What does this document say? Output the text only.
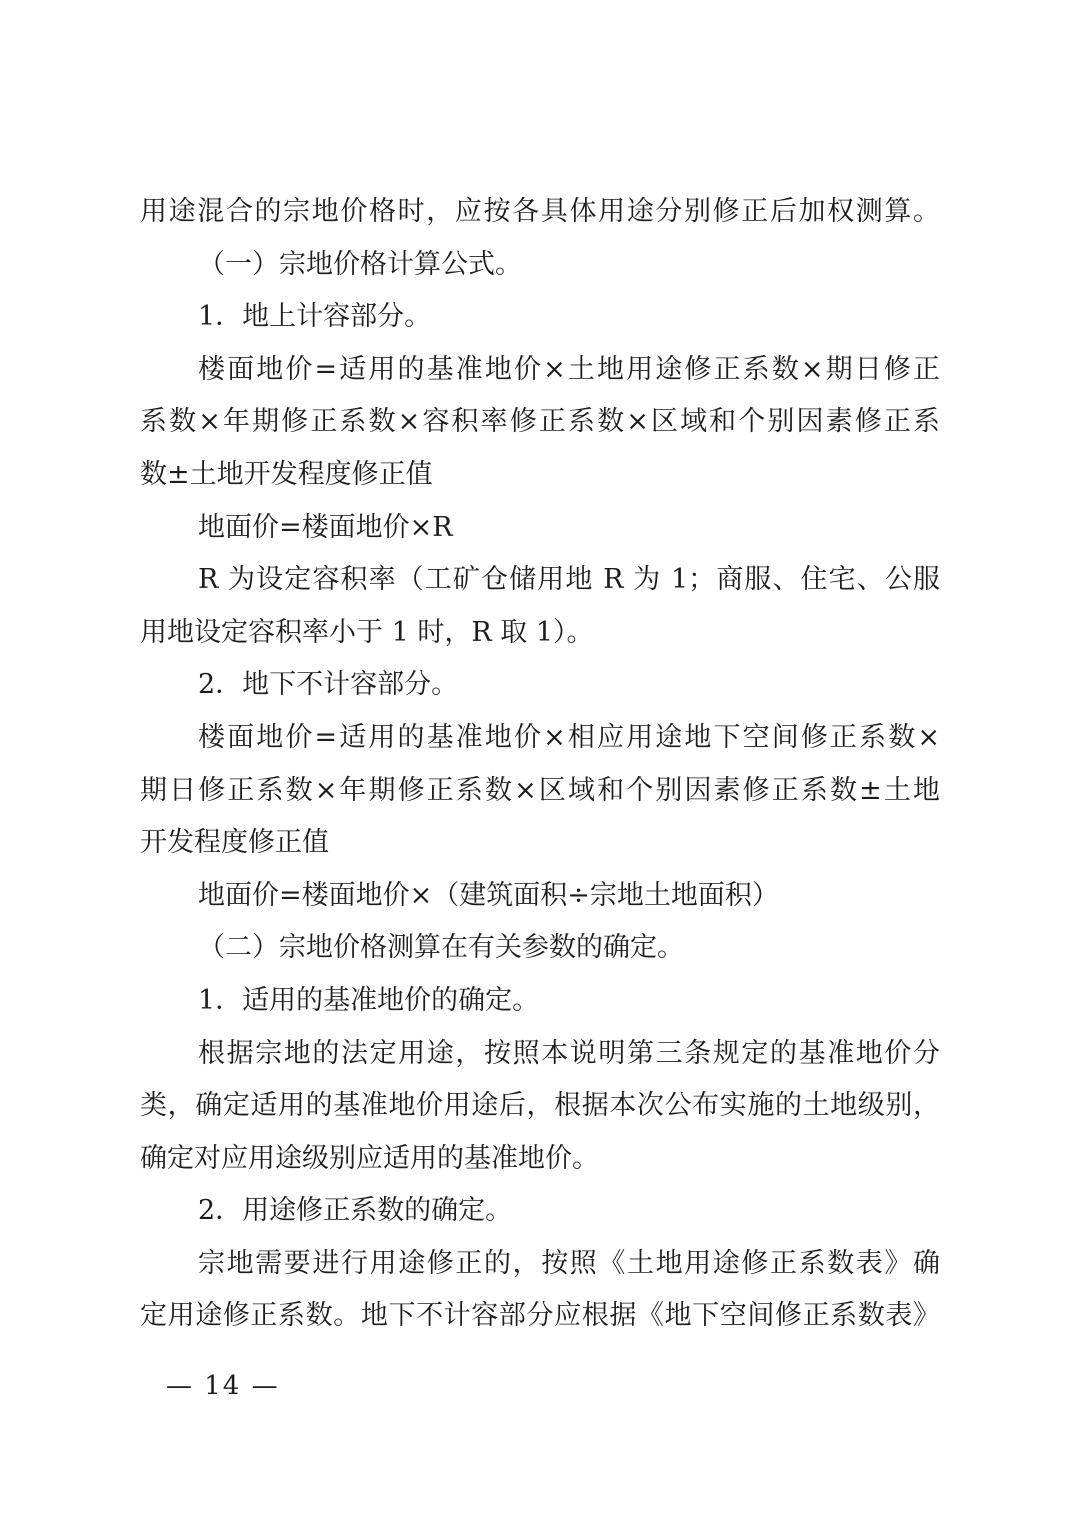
用途混合的宗地价格时，应按各具体用途分别修正后加权测算。
（一）宗地价格计算公式。
1．地上计容部分。
楼面地价=适用的基准地价×土地用途修正系数×期日修正
系数×年期修正系数×容积率修正系数×区域和个别因素修正系
数±土地开发程度修正值
地面价=楼面地价×R
R 为设定容积率（工矿仓储用地 R 为 1；商服、住宅、公服
用地设定容积率小于 1 时，R 取 1）。
2．地下不计容部分。
楼面地价=适用的基准地价×相应用途地下空间修正系数×
期日修正系数×年期修正系数×区域和个别因素修正系数±土地
开发程度修正值
地面价=楼面地价×（建筑面积÷宗地土地面积）
（二）宗地价格测算在有关参数的确定。
1．适用的基准地价的确定。
根据宗地的法定用途，按照本说明第三条规定的基准地价分
类，确定适用的基准地价用途后，根据本次公布实施的土地级别，
确定对应用途级别应适用的基准地价。
2．用途修正系数的确定。
宗地需要进行用途修正的，按照《土地用途修正系数表》确
定用途修正系数。地下不计容部分应根据《地下空间修正系数表》
— 14 —
